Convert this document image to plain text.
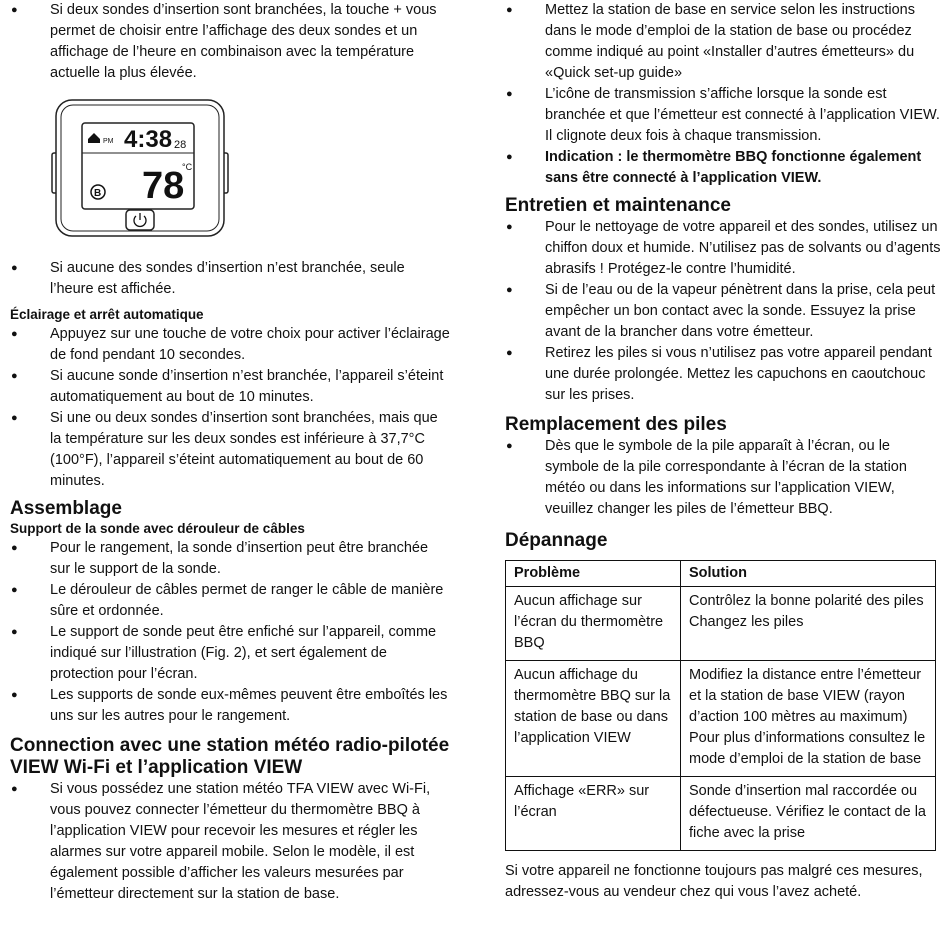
● Si deux sondes d’insertion sont branchées, la touche + vous permet de choisir entre l’affichage des deux sondes et un affichage de l’heure en combinaison avec la température actuelle la plus élevée.
PM 4:38 28
78
°C
B
● Si aucune des sondes d’insertion n’est branchée, seule l’heure est affichée.
Éclairage et arrêt automatique
● Appuyez sur une touche de votre choix pour activer l’éclairage de fond pendant 10 secondes.
● Si aucune sonde d’insertion n’est branchée, l’appareil s’éteint automatiquement au bout de 10 minutes.
● Si une ou deux sondes d’insertion sont branchées, mais que la température sur les deux sondes est inférieure à 37,7°C (100°F), l’appareil s’éteint automatiquement au bout de 60 minutes.
Assemblage
Support de la sonde avec dérouleur de câbles
● Pour le rangement, la sonde d’insertion peut être branchée sur le support de la sonde.
● Le dérouleur de câbles permet de ranger le câble de manière sûre et ordonnée.
● Le support de sonde peut être enfiché sur l’appareil, comme indiqué sur l’illustration (Fig. 2), et sert également de protection pour l’écran.
● Les supports de sonde eux-mêmes peuvent être emboîtés les uns sur les autres pour le rangement.
Connection avec une station météo radio-pilotée VIEW Wi-Fi et l’application VIEW
● Si vous possédez une station météo TFA VIEW avec Wi-Fi, vous pouvez connecter l’émetteur du thermomètre BBQ à l’application VIEW pour recevoir les mesures et régler les alarmes sur votre appareil mobile. Selon le modèle, il est également possible d’afficher les valeurs mesurées par l’émetteur directement sur la station de base.
● Mettez la station de base en service selon les instructions dans le mode d’emploi de la station de base ou procédez comme indiqué au point «Installer d’autres émetteurs» du «Quick set-up guide»
● L’icône de transmission s’affiche lorsque la sonde est branchée et que l’émetteur est connecté à l’application VIEW. Il clignote deux fois à chaque transmission.
● Indication : le thermomètre BBQ fonctionne également sans être connecté à l’application VIEW.
Entretien et maintenance
● Pour le nettoyage de votre appareil et des sondes, utilisez un chiffon doux et humide. N’utilisez pas de solvants ou d’agents abrasifs ! Protégez-le contre l’humidité.
● Si de l’eau ou de la vapeur pénètrent dans la prise, cela peut empêcher un bon contact avec la sonde. Essuyez la prise avant de la brancher dans votre émetteur.
● Retirez les piles si vous n’utilisez pas votre appareil pendant une durée prolongée. Mettez les capuchons en caoutchouc sur les prises.
Remplacement des piles
● Dès que le symbole de la pile apparaît à l’écran, ou le symbole de la pile correspondante à l’écran de la station météo ou dans les informations sur l’application VIEW, veuillez changer les piles de l’émetteur BBQ.
Dépannage
Problème	Solution
Aucun affichage sur l’écran du thermomètre BBQ	Contrôlez la bonne polarité des piles
Changez les piles
Aucun affichage du thermomètre BBQ sur la station de base ou dans l’application VIEW	Modifiez la distance entre l’émetteur et la station de base VIEW (rayon d’action 100 mètres au maximum)
Pour plus d’informations consultez le mode d’emploi de la station de base
Affichage «ERR» sur l’écran	Sonde d’insertion mal raccordée ou défectueuse. Vérifiez le contact de la fiche avec la prise
Si votre appareil ne fonctionne toujours pas malgré ces mesures, adressez-vous au vendeur chez qui vous l’avez acheté.
